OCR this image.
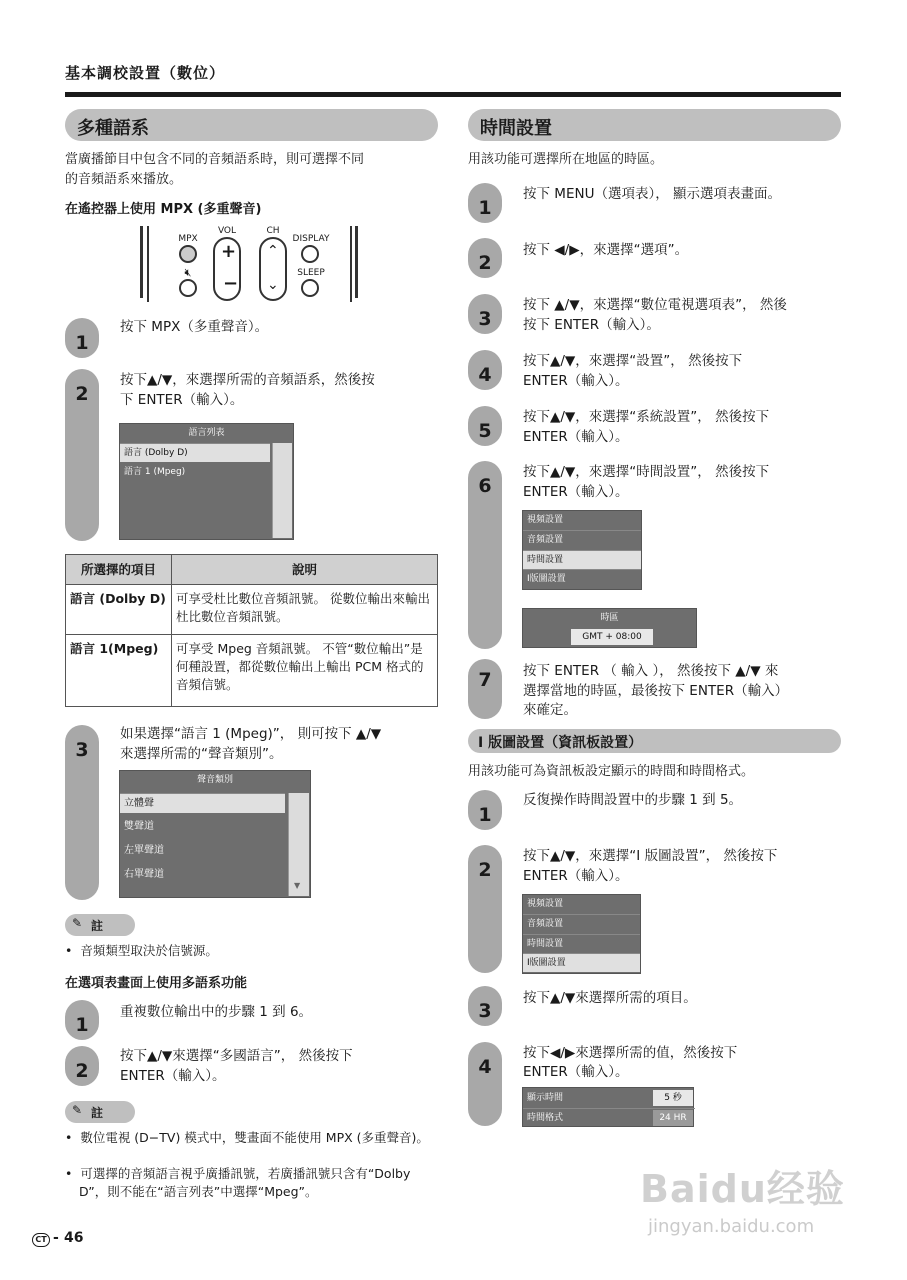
基本調校設置（數位）
多種語系
當廣播節目中包含不同的音頻語系時，則可選擇不同
的音頻語系來播放。
在遙控器上使用 MPX (多重聲音)
MPX
🔇︎
VOL
+
−
CH
⌃
⌄
DISPLAY
SLEEP
1
按下 MPX（多重聲音）。
2
按下▲/▼，來選擇所需的音頻語系，然後按
下 ENTER（輸入）。
語言列表
語言 (Dolby D)
語言 1 (Mpeg)
所選擇的項目	說明
語言 (Dolby D)	可享受杜比數位音頻訊號。 從數位輸出來輸出杜比數位音頻訊號。
語言 1(Mpeg)	可享受 Mpeg 音頻訊號。 不管“數位輸出”是何種設置，都從數位輸出上輸出 PCM 格式的音頻信號。
3
如果選擇“語言 1 (Mpeg)”， 則可按下 ▲/▼
來選擇所需的“聲音類別”。
聲音類別
立體聲
雙聲道
左單聲道
右單聲道
▼
註
✎
•  音頻類型取決於信號源。
在選項表畫面上使用多語系功能
1
重複數位輸出中的步驟 1 到 6。
2
按下▲/▼來選擇“多國語言”， 然後按下
ENTER（輸入）。
註
✎
•  數位電視 (D−TV) 模式中，雙畫面不能使用 MPX (多重聲音)。
•  可選擇的音頻語言視乎廣播訊號，若廣播訊號只含有“Dolby D”，則不能在“語言列表”中選擇“Mpeg”。
時間設置
用該功能可選擇所在地區的時區。
1
按下 MENU（選項表）， 顯示選項表畫面。
2
按下 ◀/▶，來選擇“選項”。
3
按下 ▲/▼，來選擇“數位電視選項表”， 然後
按下 ENTER（輸入）。
4
按下▲/▼，來選擇“設置”， 然後按下
ENTER（輸入）。
5
按下▲/▼，來選擇“系統設置”， 然後按下
ENTER（輸入）。
6
按下▲/▼，來選擇“時間設置”， 然後按下
ENTER（輸入）。
視頻設置
音頻設置
時間設置
I版圖設置
時區
GMT + 08:00
7	按下 ENTER （ 輸入 ）， 然後按下 ▲/▼ 來
選擇當地的時區，最後按下 ENTER（輸入）
來確定。
I 版圖設置（資訊板設置）
用該功能可為資訊板設定顯示的時間和時間格式。
1
反復操作時間設置中的步驟 1 到 5。
2
按下▲/▼，來選擇“I 版圖設置”， 然後按下
ENTER（輸入）。
視頻設置
音頻設置
時間設置
I版圖設置
3
按下▲/▼來選擇所需的項目。
4
按下◀/▶來選擇所需的值，然後按下
ENTER（輸入）。
顯示時間	5 秒
時間格式	24 HR
CT - 46
Baidu经验
jingyan.baidu.com
